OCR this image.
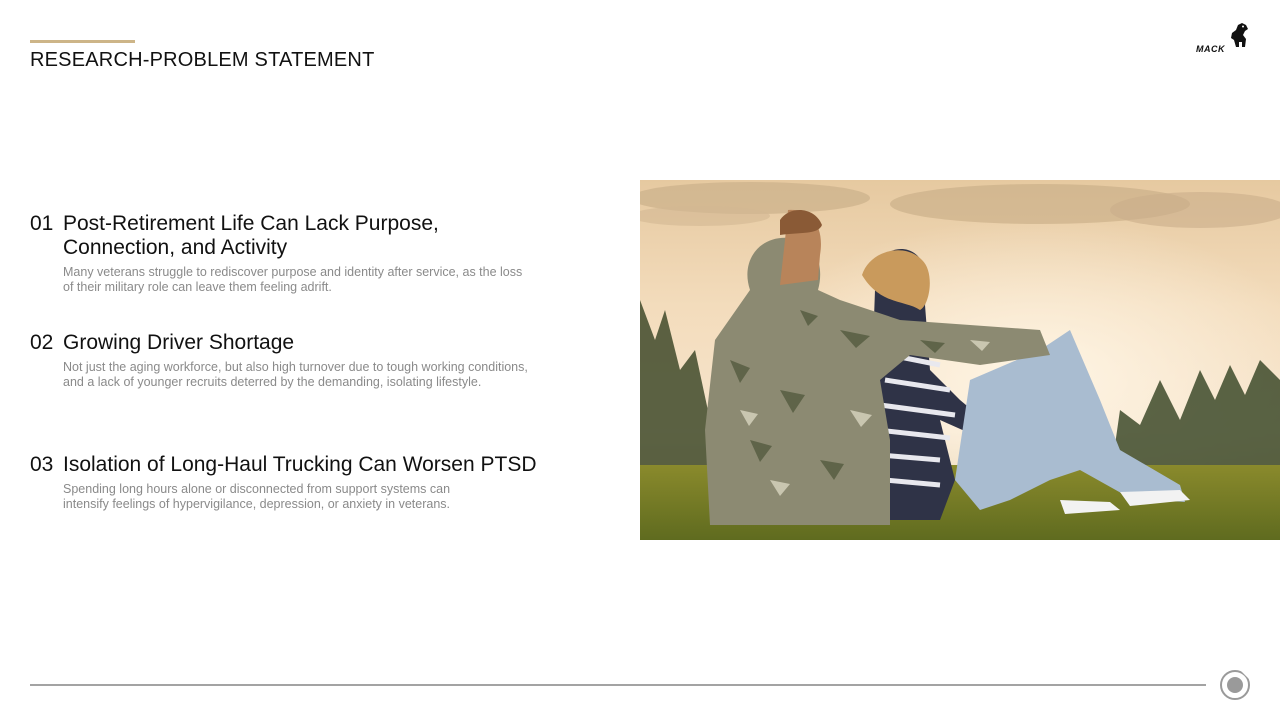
RESEARCH-PROBLEM STATEMENT	MACK
01 Post-Retirement Life Can Lack Purpose,
Connection, and Activity
Many veterans struggle to rediscover purpose and identity after service, as the loss
of their military role can leave them feeling adrift.
02 Growing Driver Shortage
Not just the aging workforce, but also high turnover due to tough working conditions,
and a lack of younger recruits deterred by the demanding, isolating lifestyle.
03 Isolation of Long-Haul Trucking Can Worsen PTSD
Spending long hours alone or disconnected from support systems can
intensify feelings of hypervigilance, depression, or anxiety in veterans.
